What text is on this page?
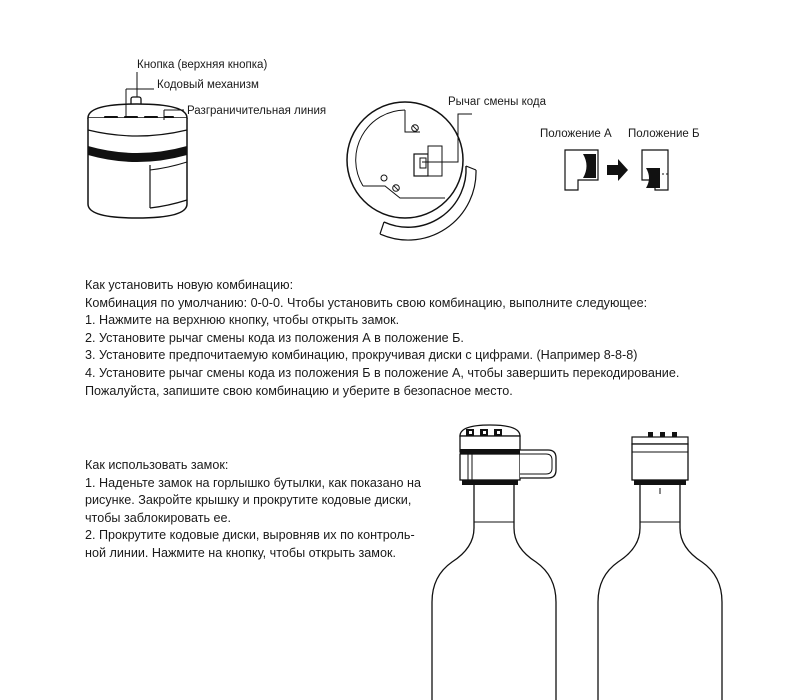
Кнопка (верхняя кнопка)
Кодовый механизм
Разграничительная линия
Рычаг смены кода
Положение А Положение Б
Как установить новую комбинацию:
Комбинация по умолчанию: 0-0-0. Чтобы установить свою комбинацию, выполните следующее:
1. Нажмите на верхнюю кнопку, чтобы открыть замок.
2. Установите рычаг смены кода из положения А в положение Б.
3. Установите предпочитаемую комбинацию, прокручивая диски с цифрами. (Например 8-8-8)
4. Установите рычаг смены кода из положения Б в положение А, чтобы завершить перекодирование.
Пожалуйста, запишите свою комбинацию и уберите в безопасное место.
Как использовать замок:
1. Наденьте замок на горлышко бутылки, как показано на
рисунке. Закройте крышку и прокрутите кодовые диски,
чтобы заблокировать ее.
2. Прокрутите кодовые диски, выровняв их по контроль-
ной линии. Нажмите на кнопку, чтобы открыть замок.
